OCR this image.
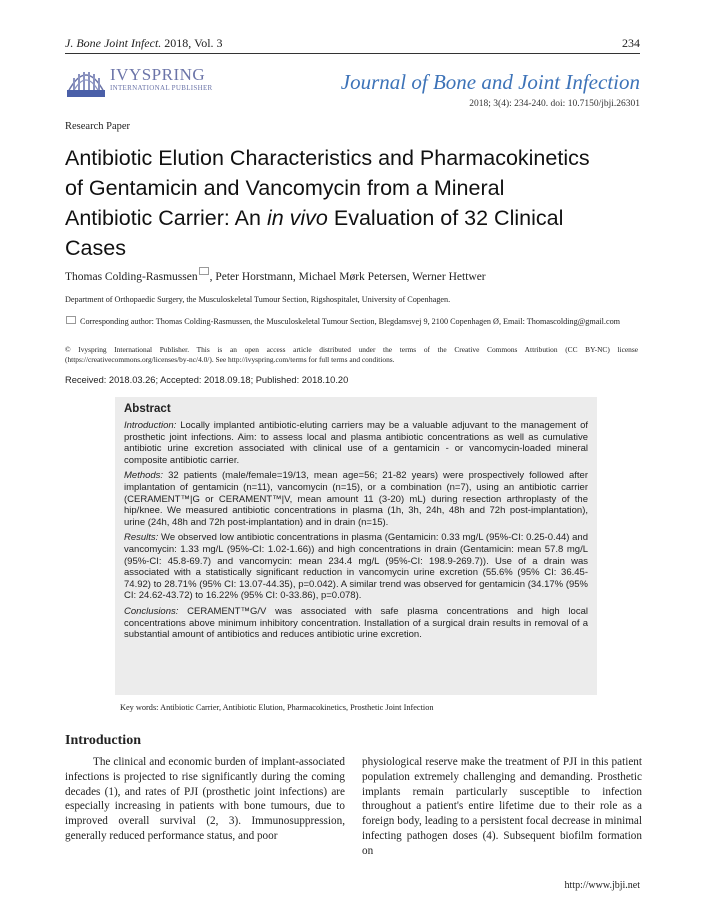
J. Bone Joint Infect. 2018, Vol. 3	234
IVYSPRING
INTERNATIONAL PUBLISHER	Journal of Bone and Joint Infection
2018; 3(4): 234-240. doi: 10.7150/jbji.26301
Research Paper
Antibiotic Elution Characteristics and Pharmacokinetics
of Gentamicin and Vancomycin from a Mineral
Antibiotic Carrier: An in vivo Evaluation of 32 Clinical
Cases
Thomas Colding-Rasmussen , Peter Horstmann, Michael Mørk Petersen, Werner Hettwer
Department of Orthopaedic Surgery, the Musculoskeletal Tumour Section, Rigshospitalet, University of Copenhagen.
Corresponding author: Thomas Colding-Rasmussen, the Musculoskeletal Tumour Section, Blegdamsvej 9, 2100 Copenhagen Ø, Email: Thomascolding@gmail.com
© Ivyspring International Publisher. This is an open access article distributed under the terms of the Creative Commons Attribution (CC BY-NC) license (https://creativecommons.org/licenses/by-nc/4.0/). See http://ivyspring.com/terms for full terms and conditions.
Received: 2018.03.26; Accepted: 2018.09.18; Published: 2018.10.20
Abstract

Introduction: Locally implanted antibiotic-eluting carriers may be a valuable adjuvant to the management of prosthetic joint infections. Aim: to assess local and plasma antibiotic concentrations as well as cumulative antibiotic urine excretion associated with clinical use of a gentamicin - or vancomycin-loaded mineral composite antibiotic carrier.

Methods: 32 patients (male/female=19/13, mean age=56; 21-82 years) were prospectively followed after implantation of gentamicin (n=11), vancomycin (n=15), or a combination (n=7), using an antibiotic carrier (CERAMENT™|G or CERAMENT™|V, mean amount 11 (3-20) mL) during resection arthroplasty of the hip/knee. We measured antibiotic concentrations in plasma (1h, 3h, 24h, 48h and 72h post-implantation), urine (24h, 48h and 72h post-implantation) and in drain (n=15).

Results: We observed low antibiotic concentrations in plasma (Gentamicin: 0.33 mg/L (95%-CI: 0.25-0.44) and vancomycin: 1.33 mg/L (95%-CI: 1.02-1.66)) and high concentrations in drain (Gentamicin: mean 57.8 mg/L (95%-CI: 45.8-69.7) and vancomycin: mean 234.4 mg/L (95%-CI: 198.9-269.7)). Use of a drain was associated with a statistically significant reduction in vancomycin urine excretion (55.6% (95% CI: 36.45-74.92) to 28.71% (95% CI: 13.07-44.35), p=0.042). A similar trend was observed for gentamicin (34.17% (95% CI: 24.62-43.72) to 16.22% (95% CI: 0-33.86), p=0.078).

Conclusions: CERAMENT™G/V was associated with safe plasma concentrations and high local concentrations above minimum inhibitory concentration. Installation of a surgical drain results in removal of a substantial amount of antibiotics and reduces antibiotic urine excretion.

Key words: Antibiotic Carrier, Antibiotic Elution, Pharmacokinetics, Prosthetic Joint Infection
Introduction

The clinical and economic burden of implant-associated infections is projected to rise significantly during the coming decades (1), and rates of PJI (prosthetic joint infections) are especially increasing in patients with bone tumours, due to improved overall survival (2, 3). Immunosuppression, generally reduced performance status, and poor

physiological reserve make the treatment of PJI in this patient population extremely challenging and demanding. Prosthetic implants remain particularly susceptible to infection throughout a patient's entire lifetime due to their role as a foreign body, leading to a persistent focal decrease in minimal infecting pathogen doses (4). Subsequent biofilm formation on

http://www.jbji.net
